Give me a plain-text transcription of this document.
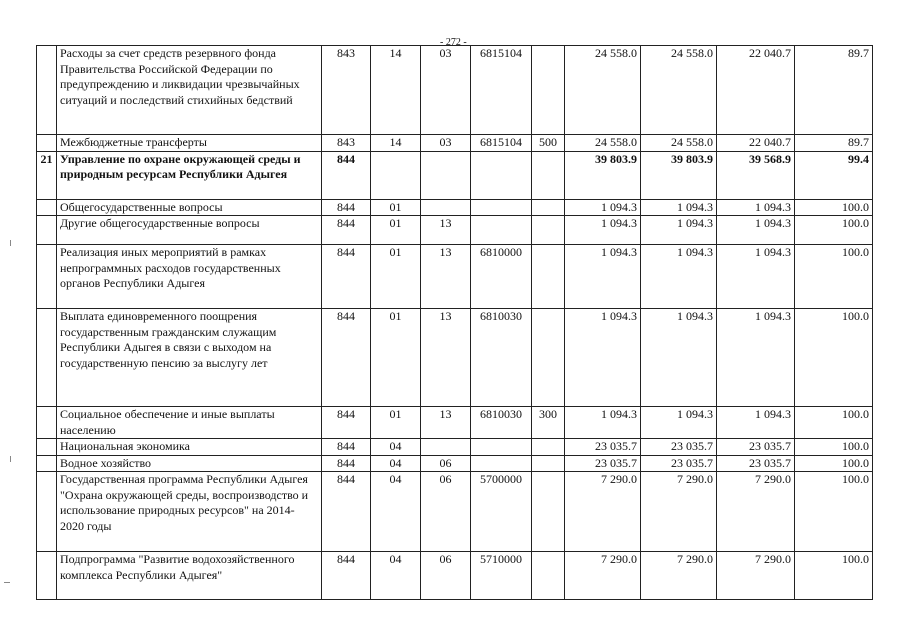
- 272 -
	Расходы за счет средств резервного фонда Правительства Российской Федерации по предупреждению и ликвидации чрезвычайных ситуаций и последствий стихийных бедствий	843	14	03	6815104		24 558.0	24 558.0	22 040.7	89.7
	Межбюджетные трансферты	843	14	03	6815104	500	24 558.0	24 558.0	22 040.7	89.7
21	Управление по охране окружающей среды и природным ресурсам Республики Адыгея	844					39 803.9	39 803.9	39 568.9	99.4
	Общегосударственные вопросы	844	01				1 094.3	1 094.3	1 094.3	100.0
	Другие общегосударственные вопросы	844	01	13			1 094.3	1 094.3	1 094.3	100.0
	Реализация иных мероприятий в рамках непрограммных расходов государственных органов Республики Адыгея	844	01	13	6810000		1 094.3	1 094.3	1 094.3	100.0
	Выплата единовременного поощрения государственным гражданским служащим Республики Адыгея в связи с выходом на государственную пенсию за выслугу лет	844	01	13	6810030		1 094.3	1 094.3	1 094.3	100.0
	Социальное обеспечение и иные выплаты населению	844	01	13	6810030	300	1 094.3	1 094.3	1 094.3	100.0
	Национальная экономика	844	04				23 035.7	23 035.7	23 035.7	100.0
	Водное хозяйство	844	04	06			23 035.7	23 035.7	23 035.7	100.0
	Государственная программа Республики Адыгея "Охрана окружающей среды, воспроизводство и использование природных ресурсов" на 2014-2020 годы	844	04	06	5700000		7 290.0	7 290.0	7 290.0	100.0
	Подпрограмма "Развитие водохозяйственного комплекса Республики Адыгея"	844	04	06	5710000		7 290.0	7 290.0	7 290.0	100.0
